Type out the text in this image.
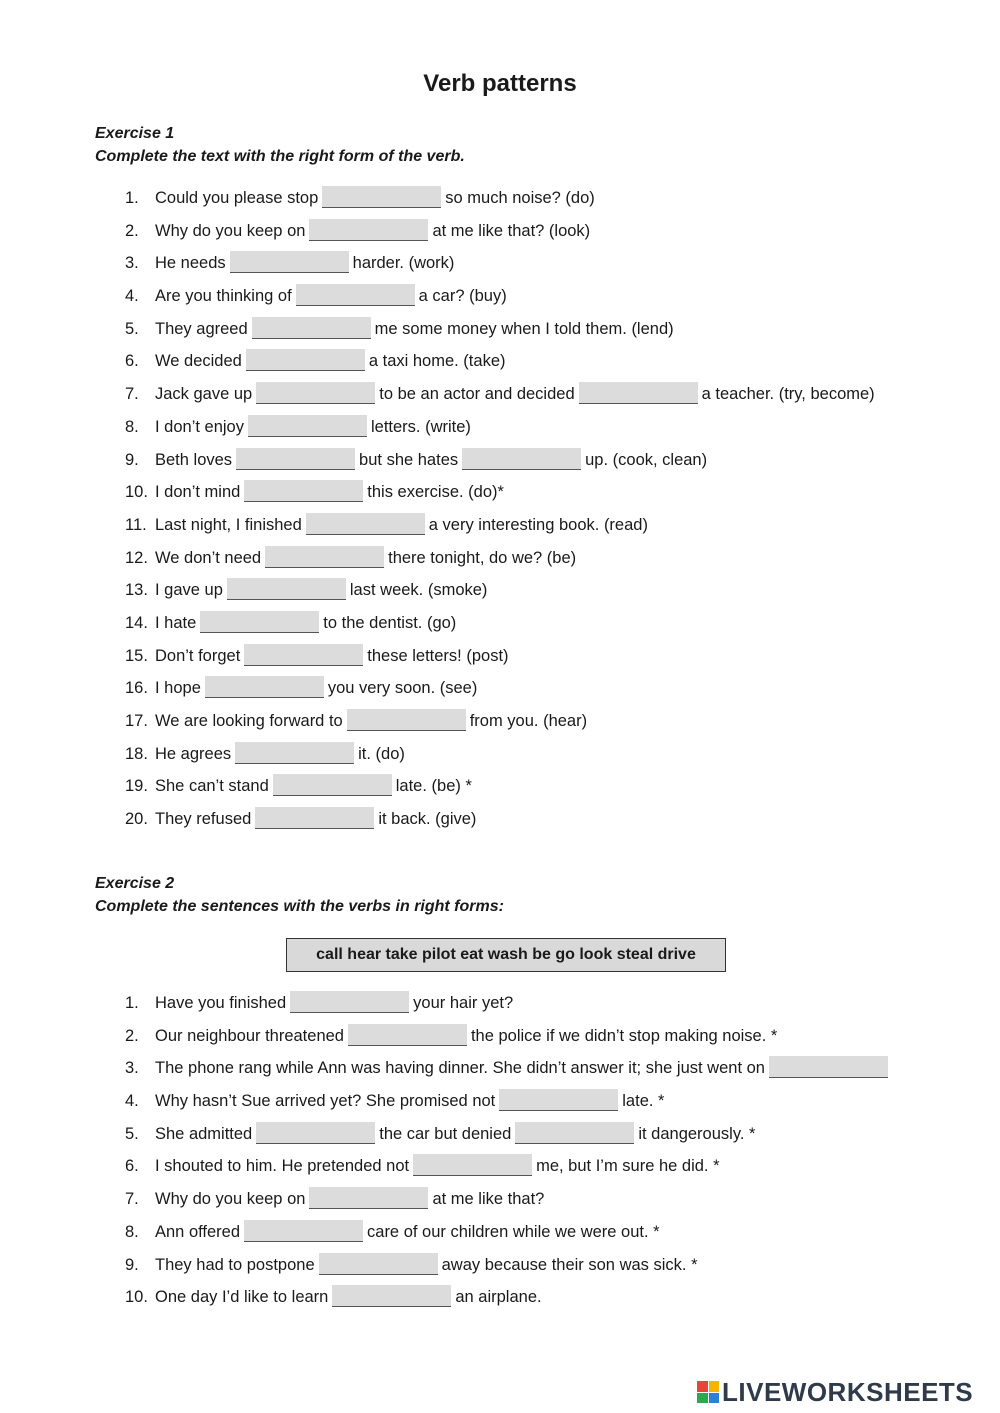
Verb patterns
Exercise 1
Complete the text with the right form of the verb.
1. Could you please stop	so much noise? (do)
2. Why do you keep on	at me like that? (look)
3. He needs	harder. (work)
4. Are you thinking of	a car? (buy)
5. They agreed	me some money when I told them. (lend)
6. We decided	a taxi home. (take)
7. Jack gave up	to be an actor and decided	a teacher. (try, become)
8. I don’t enjoy	letters. (write)
9. Beth loves	but she hates	up. (cook, clean)
10. I don’t mind	this exercise. (do)*
11. Last night, I finished	a very interesting book. (read)
12. We don’t need	there tonight, do we? (be)
13. I gave up	last week. (smoke)
14. I hate	to the dentist. (go)
15. Don’t forget	these letters! (post)
16. I hope	you very soon. (see)
17. We are looking forward to	from you. (hear)
18. He agrees	it. (do)
19. She can’t stand	late. (be) *
20. They refused	it back. (give)
Exercise 2
Complete the sentences with the verbs in right forms:
call hear take pilot eat wash be go look steal drive
1. Have you finished	your hair yet?
2. Our neighbour threatened	the police if we didn’t stop making noise. *
3. The phone rang while Ann was having dinner. She didn’t answer it; she just went on
4. Why hasn’t Sue arrived yet? She promised not	late. *
5. She admitted	the car but denied	it dangerously. *
6. I shouted to him. He pretended not	me, but I’m sure he did. *
7. Why do you keep on	at me like that?
8. Ann offered	care of our children while we were out. *
9. They had to postpone	away because their son was sick. *
10. One day I’d like to learn	an airplane.
LIVEWORKSHEETS
